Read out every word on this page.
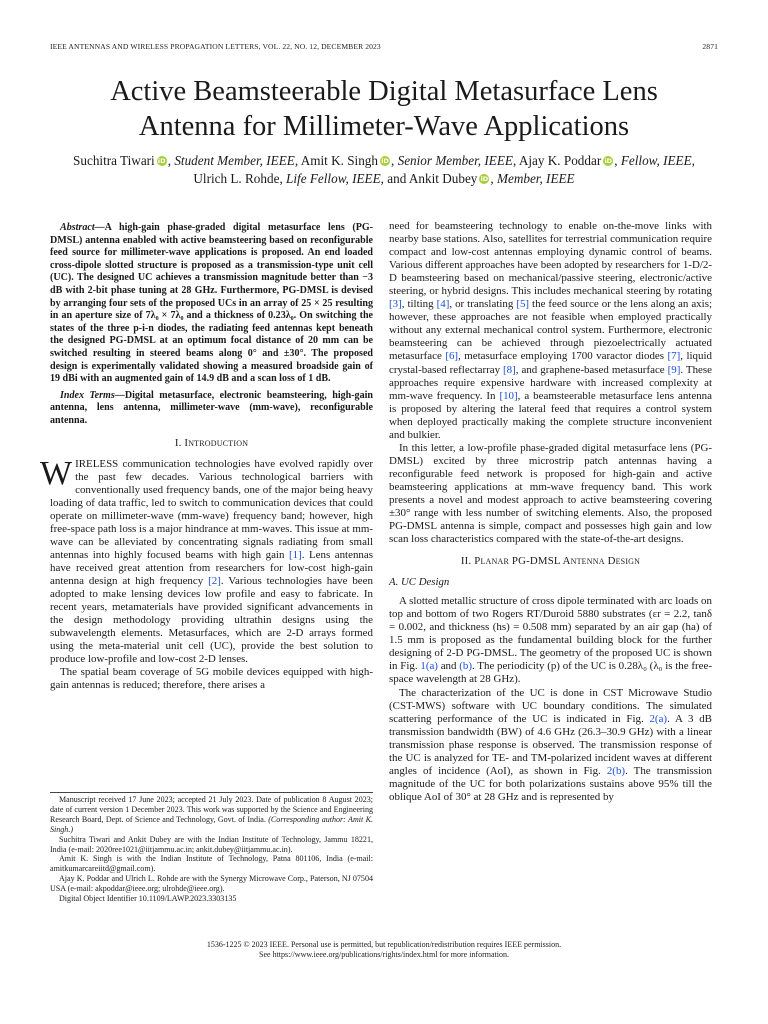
IEEE ANTENNAS AND WIRELESS PROPAGATION LETTERS, VOL. 22, NO. 12, DECEMBER 2023	2871
Active Beamsteerable Digital Metasurface Lens
Antenna for Millimeter-Wave Applications
Suchitra Tiwari iD , Student Member, IEEE, Amit K. Singh iD , Senior Member, IEEE, Ajay K. Poddar iD , Fellow, IEEE,
Ulrich L. Rohde, Life Fellow, IEEE, and Ankit Dubey iD , Member, IEEE

Abstract—A high-gain phase-graded digital metasurface lens (PG-DMSL) antenna enabled with active beamsteering based on reconfigurable feed source for millimeter-wave applications is proposed. An end loaded cross-dipole slotted structure is proposed as a transmission-type unit cell (UC). The designed UC achieves a transmission magnitude better than −3 dB with 2-bit phase tuning at 28 GHz. Furthermore, PG-DMSL is devised by arranging four sets of the proposed UCs in an array of 25 × 25 resulting in an aperture size of 7λ₀ × 7λ₀ and a thickness of 0.23λ₀. On switching the states of the three p-i-n diodes, the radiating feed antennas kept beneath the designed PG-DMSL at an optimum focal distance of 20 mm can be switched resulting in steered beams along 0° and ±30°. The proposed design is experimentally validated showing a measured broadside gain of 19 dBi with an augmented gain of 14.9 dB and a scan loss of 1 dB.

Index Terms—Digital metasurface, electronic beamsteering, high-gain antenna, lens antenna, millimeter-wave (mm-wave), reconfigurable antenna.

I. Introduction

WIRELESS communication technologies have evolved rapidly over the past few decades. Various technological barriers with conventionally used frequency bands, one of the major being heavy loading of data traffic, led to switch to communication devices that could operate on millimeter-wave (mm-wave) frequency band; however, high free-space path loss is a major hindrance at mm-waves. This issue at mm-wave can be alleviated by concentrating signals radiating from small antennas into highly focused beams with high gain [1]. Lens antennas have received great attention from researchers for low-cost high-gain antenna design at high frequency [2]. Various technologies have been adopted to make lensing devices low profile and easy to fabricate. In recent years, metamaterials have provided significant advancements in the design methodology providing ultrathin designs using the subwavelength elements. Metasurfaces, which are 2-D arrays formed using the meta-material unit cell (UC), provide the best solution to produce low-profile and low-cost 2-D lenses.

The spatial beam coverage of 5G mobile devices equipped with high-gain antennas is reduced; therefore, there arises a

Manuscript received 17 June 2023; accepted 21 July 2023. Date of publication 8 August 2023; date of current version 1 December 2023. This work was supported by the Science and Engineering Research Board, Dept. of Science and Technology, Govt. of India. (Corresponding author: Amit K. Singh.)

Suchitra Tiwari and Ankit Dubey are with the Indian Institute of Technology, Jammu 18221, India (e-mail: 2020ree1021@iitjammu.ac.in; ankit.dubey@iitjammu.ac.in).

Amit K. Singh is with the Indian Institute of Technology, Patna 801106, India (e-mail: amitkumarcareiitd@gmail.com).

Ajay K. Poddar and Ulrich L. Rohde are with the Synergy Microwave Corp., Paterson, NJ 07504 USA (e-mail: akpoddar@ieee.org; ulrohde@ieee.org).

Digital Object Identifier 10.1109/LAWP.2023.3303135

need for beamsteering technology to enable on-the-move links with nearby base stations. Also, satellites for terrestrial communication require compact and low-cost antennas employing dynamic control of beams. Various different approaches have been adopted by researchers for 1-D/2-D beamsteering based on mechanical/passive steering, electronic/active steering, or hybrid designs. This includes mechanical steering by rotating [3], tilting [4], or translating [5] the feed source or the lens along an axis; however, these approaches are not feasible when employed practically without any external mechanical control system. Furthermore, electronic beamsteering can be achieved through piezoelectrically actuated metasurface [6], metasurface employing 1700 varactor diodes [7], liquid crystal-based reflectarray [8], and graphene-based metasurface [9]. These approaches require expensive hardware with increased complexity at mm-wave frequency. In [10], a beamsteerable metasurface lens antenna is proposed by altering the lateral feed that requires a control system when deployed practically making the complete structure inconvenient and bulkier.

In this letter, a low-profile phase-graded digital metasurface lens (PG-DMSL) excited by three microstrip patch antennas having a reconfigurable feed network is proposed for high-gain and active beamsteering applications at mm-wave frequency band. This work presents a novel and modest approach to active beamsteering covering ±30° range with less number of switching elements. Also, the proposed PG-DMSL antenna is simple, compact and possesses high gain and low scan loss characteristics compared with the state-of-the-art designs.

II. Planar PG-DMSL Antenna Design
A. UC Design

A slotted metallic structure of cross dipole terminated with arc loads on top and bottom of two Rogers RT/Duroid 5880 substrates (εr = 2.2, tanδ = 0.002, and thickness (hs) = 0.508 mm) separated by an air gap (ha) of 1.5 mm is proposed as the fundamental building block for the further designing of 2-D PG-DMSL. The geometry of the proposed UC is shown in Fig. 1(a) and (b). The periodicity (p) of the UC is 0.28λ₀ (λ₀ is the free-space wavelength at 28 GHz).

The characterization of the UC is done in CST Microwave Studio (CST-MWS) software with UC boundary conditions. The simulated scattering performance of the UC is indicated in Fig. 2(a). A 3 dB transmission bandwidth (BW) of 4.6 GHz (26.3–30.9 GHz) with a linear transmission phase response is observed. The transmission response of the UC is analyzed for TE- and TM-polarized incident waves at different angles of incidence (AoI), as shown in Fig. 2(b). The transmission magnitude of the UC for both polarizations sustains above 95% till the oblique AoI of 30° at 28 GHz and is represented by

1536-1225 © 2023 IEEE. Personal use is permitted, but republication/redistribution requires IEEE permission.
See https://www.ieee.org/publications/rights/index.html for more information.
